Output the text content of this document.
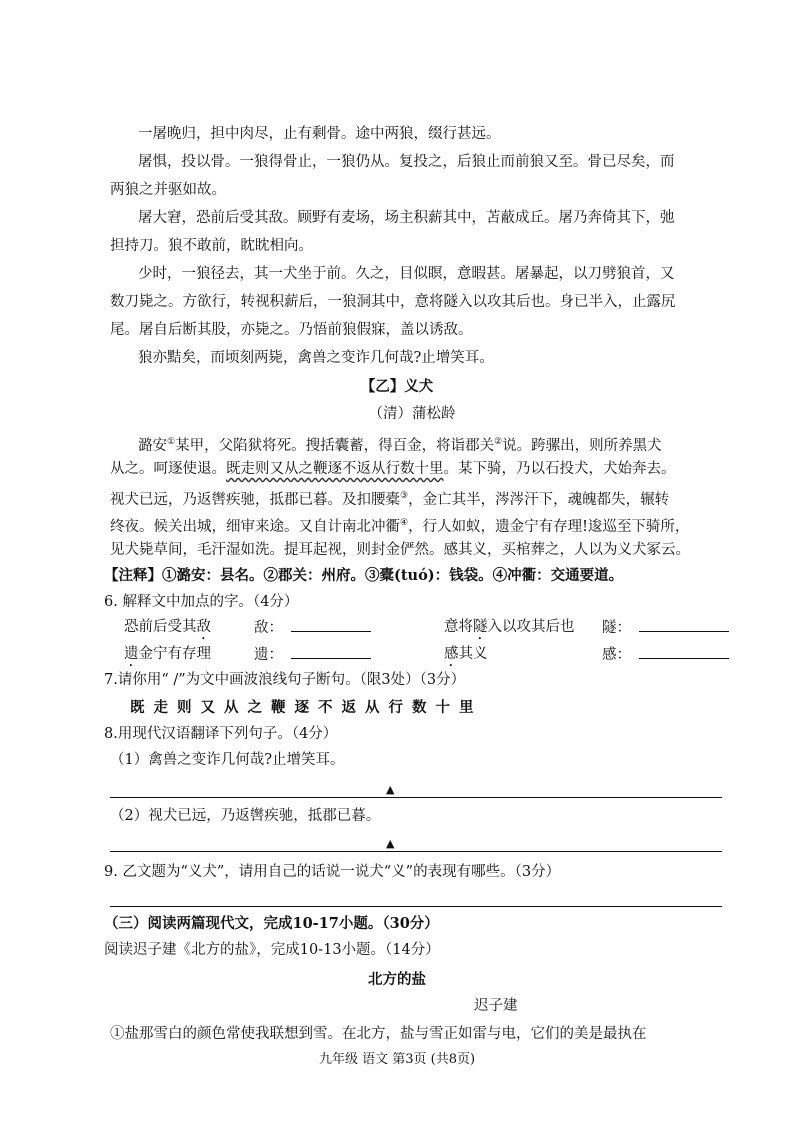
一屠晚归，担中肉尽，止有剩骨。途中两狼，缀行甚远。
屠惧，投以骨。一狼得骨止，一狼仍从。复投之，后狼止而前狼又至。骨已尽矣，而
两狼之并驱如故。
屠大窘，恐前后受其敌。顾野有麦场，场主积薪其中，苫蔽成丘。屠乃奔倚其下，弛
担持刀。狼不敢前，眈眈相向。
少时，一狼径去，其一犬坐于前。久之，目似瞑，意暇甚。屠暴起，以刀劈狼首，又
数刀毙之。方欲行，转视积薪后，一狼洞其中，意将隧入以攻其后也。身已半入，止露尻
尾。屠自后断其股，亦毙之。乃悟前狼假寐，盖以诱敌。
狼亦黠矣，而顷刻两毙，禽兽之变诈几何哉?止增笑耳。
【乙】义犬
（清）蒲松龄
潞安①某甲，父陷狱将死。搜括囊蓄，得百金，将诣郡关②说。跨骡出，则所养黑犬
从之。呵逐使退。既走则又从之鞭逐不返从行数十里。某下骑，乃以石投犬，犬始奔去。
视犬已远，乃返辔疾驰，抵郡已暮。及扣腰橐③，金亡其半，涔涔汗下，魂魄都失，辗转
终夜。候关出城，细审来途。又自计南北冲衢④，行人如蚁，遗金宁有存理!逡巡至下骑所，
见犬毙草间，毛汗湿如洗。提耳起视，则封金俨然。感其义，买棺葬之，人以为义犬冢云。
【注释】①潞安：县名。②郡关：州府。③橐(tuó)：钱袋。④冲衢：交通要道。
6. 解释文中加点的字。（4分）
恐前后受其敌	敌：	意将隧入以攻其后也 隧：
遗金宁有存理	遗：	感其义	感：
7.请你用“ /”为文中画波浪线句子断句。（限3处）（3分）
既走则又从之鞭逐不返从行数十里
8.用现代汉语翻译下列句子。（4分）
（1）禽兽之变诈几何哉?止增笑耳。
▲
（2）视犬已远，乃返辔疾驰，抵郡已暮。
▲
9. 乙文题为“义犬”，请用自己的话说一说犬“义”的表现有哪些。（3分）
（三）阅读两篇现代文，完成10-17小题。（30分）
阅读迟子建《北方的盐》，完成10-13小题。（14分）
北方的盐
迟子建
①盐那雪白的颜色常使我联想到雪。在北方，盐与雪正如雷与电，它们的美是最执在
九年级 语文 第3页 (共8页)
